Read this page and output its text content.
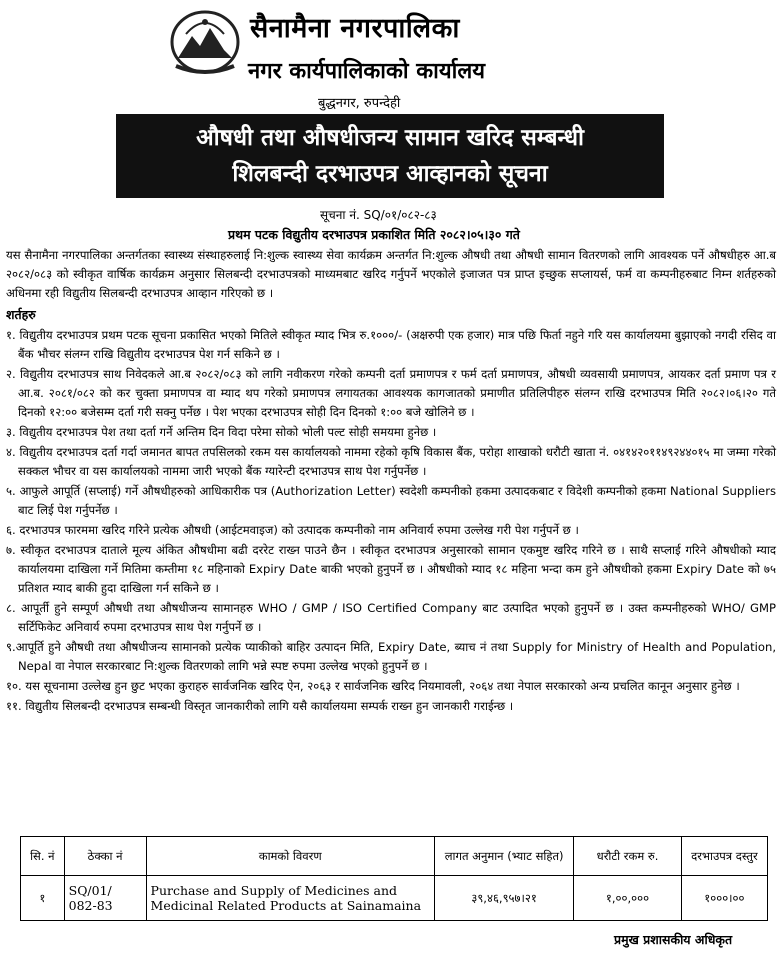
सैनामैना नगरपालिका
नगर कार्यपालिकाको कार्यालय
बुद्धनगर, रुपन्देही
औषधी तथा औषधीजन्य सामान खरिद सम्बन्धी
शिलबन्दी दरभाउपत्र आव्हानको सूचना
सूचना नं. SQ/०१/०८२-८३
प्रथम पटक विद्युतीय दरभाउपत्र प्रकाशित मिति २०८२।०५।३० गते

यस सैनामैना नगरपालिका अन्तर्गतका स्वास्थ्य संस्थाहरुलाई नि:शुल्क स्वास्थ्य सेवा कार्यक्रम अन्तर्गत नि:शुल्क औषधी तथा औषधी सामान वितरणको लागि आवश्यक पर्ने औषधीहरु आ.ब २०८२/०८३ को स्वीकृत वार्षिक कार्यक्रम अनुसार सिलबन्दी दरभाउपत्रको माध्यमबाट खरिद गर्नुपर्ने भएकोले इजाजत पत्र प्राप्त इच्छुक सप्लायर्स, फर्म वा कम्पनीहरुबाट निम्न शर्तहरुको अधिनमा रही विद्युतीय सिलबन्दी दरभाउपत्र आव्हान गरिएको छ ।

शर्तहरु

१. विद्युतीय दरभाउपत्र प्रथम पटक सूचना प्रकासित भएको मितिले स्वीकृत म्याद भित्र रु.१०००/- (अक्षरुपी एक हजार) मात्र पछि फिर्ता नहुने गरि यस कार्यालयमा बुझाएको नगदी रसिद वा बैंक भौचर संलग्न राखि विद्युतीय दरभाउपत्र पेश गर्न सकिने छ ।

२. विद्युतीय दरभाउपत्र साथ निवेदकले आ.ब २०८२/०८३ को लागि नवीकरण गरेको कम्पनी दर्ता प्रमाणपत्र र फर्म दर्ता प्रमाणपत्र, औषधी व्यवसायी प्रमाणपत्र, आयकर दर्ता प्रमाण पत्र र आ.ब. २०८१/०८२ को कर चुक्ता प्रमाणपत्र वा म्याद थप गरेको प्रमाणपत्र लगायतका आवश्यक कागजातको प्रमाणीत प्रतिलिपीहरु संलग्न राखि दरभाउपत्र मिति २०८२।०६।२० गते दिनको १२:०० बजेसम्म दर्ता गरी सक्नु पर्नेछ । पेश भएका दरभाउपत्र सोही दिन दिनको १:०० बजे खोलिने छ ।

३. विद्युतीय दरभाउपत्र पेश तथा दर्ता गर्ने अन्तिम दिन विदा परेमा सोको भोली पल्ट सोही समयमा हुनेछ ।

४. विद्युतीय दरभाउपत्र दर्ता गर्दा जमानत बापत तपसिलको रकम यस कार्यालयको नाममा रहेको कृषि विकास बैंक, परोहा शाखाको धरौटी खाता नं. ०४१४२०११४९२४४०१५ मा जम्मा गरेको सक्कल भौचर वा यस कार्यालयको नाममा जारी भएको बैंक ग्यारेन्टी दरभाउपत्र साथ पेश गर्नुपर्नेछ ।

५. आफुले आपूर्ति (सप्लाई) गर्ने औषधीहरुको आधिकारीक पत्र (Authorization Letter) स्वदेशी कम्पनीको हकमा उत्पादकबाट र विदेशी कम्पनीको हकमा National Suppliers बाट लिई पेश गर्नुपर्नेछ ।

६. दरभाउपत्र फारममा खरिद गरिने प्रत्येक औषधी (आईटमवाइज) को उत्पादक कम्पनीको नाम अनिवार्य रुपमा उल्लेख गरी पेश गर्नुपर्ने छ ।

७. स्वीकृत दरभाउपत्र दाताले मूल्य अंकित औषधीमा बढी दररेट राख्न पाउने छैन । स्वीकृत दरभाउपत्र अनुसारको सामान एकमुष्ट खरिद गरिने छ । साथै सप्लाई गरिने औषधीको म्याद कार्यालयमा दाखिला गर्ने मितिमा कम्तीमा १८ महिनाको Expiry Date बाकी भएको हुनुपर्ने छ । औषधीको म्याद १८ महिना भन्दा कम हुने औषधीको हकमा Expiry Date को ७५ प्रतिशत म्याद बाकी हुदा दाखिला गर्न सकिने छ ।

८. आपूर्ती हुने सम्पूर्ण औषधी तथा औषधीजन्य सामानहरु WHO / GMP / ISO Certified Company बाट उत्पादित भएको हुनुपर्ने छ । उक्त कम्पनीहरुको WHO/ GMP सर्टिफिकेट अनिवार्य रुपमा दरभाउपत्र साथ पेश गर्नुपर्ने छ ।

९.आपूर्ति हुने औषधी तथा औषधीजन्य सामानको प्रत्येक प्याकीको बाहिर उत्पादन मिति, Expiry Date, ब्याच नं तथा Supply for Ministry of Health and Population, Nepal वा नेपाल सरकारबाट नि:शुल्क वितरणको लागि भन्ने स्पष्ट रुपमा उल्लेख भएको हुनुपर्ने छ ।

१०. यस सूचनामा उल्लेख हुन छुट भएका कुराहरु सार्वजनिक खरिद ऐन, २०६३ र सार्वजनिक खरिद नियमावली, २०६४ तथा नेपाल सरकारको अन्य प्रचलित कानून अनुसार हुनेछ ।

११. विद्युतीय सिलबन्दी दरभाउपत्र सम्बन्धी विस्तृत जानकारीको लागि यसै कार्यालयमा सम्पर्क राख्न हुन जानकारी गराईन्छ ।

सि. नं	ठेक्का नं	कामको विवरण	लागत अनुमान (भ्याट सहित)	धरौटी रकम रु.	दरभाउपत्र दस्तुर
१	SQ/01/ 082-83	Purchase and Supply of Medicines and Medicinal Related Products at Sainamaina	३९,४६,९५७।२१	१,००,०००	१०००।००
प्रमुख प्रशासकीय अधिकृत
